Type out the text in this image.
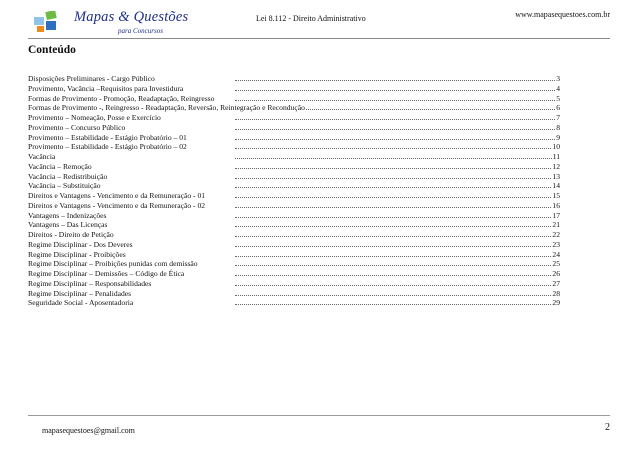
Mapas & Questões
para Concursos
Lei 8.112 - Direito Administrativo	www.mapasequestoes.com.br
Conteúdo
Disposições Preliminares - Cargo Público	3
Provimento, Vacância –Requisitos para Investidura	4
Formas de Provimento - Promoção, Readaptação, Reingresso	5
Formas de Provimento -, Reingresso - Readaptação, Reversão, Reintegração e Recondução	6
Provimento – Nomeação, Posse e Exercício	7
Provimento – Concurso Público	8
Provimento – Estabilidade - Estágio Probatório – 01	9
Provimento – Estabilidade - Estágio Probatório – 02	10
Vacância	11
Vacância – Remoção	12
Vacância – Redistribuição	13
Vacância – Substituição	14
Direitos e Vantagens - Vencimento e da Remuneração - 01	15
Direitos e Vantagens - Vencimento e da Remuneração - 02	16
Vantagens – Indenizações	17
Vantagens – Das Licenças	21
Direitos - Direito de Petição	22
Regime Disciplinar - Dos Deveres	23
Regime Disciplinar - Proibições	24
Regime Disciplinar – Proibições punidas com demissão	25
Regime Disciplinar – Demissões – Código de Ética	26
Regime Disciplinar – Responsabilidades	27
Regime Disciplinar – Penalidades	28
Seguridade Social - Aposentadoria	29
mapasequestoes@gmail.com	2
